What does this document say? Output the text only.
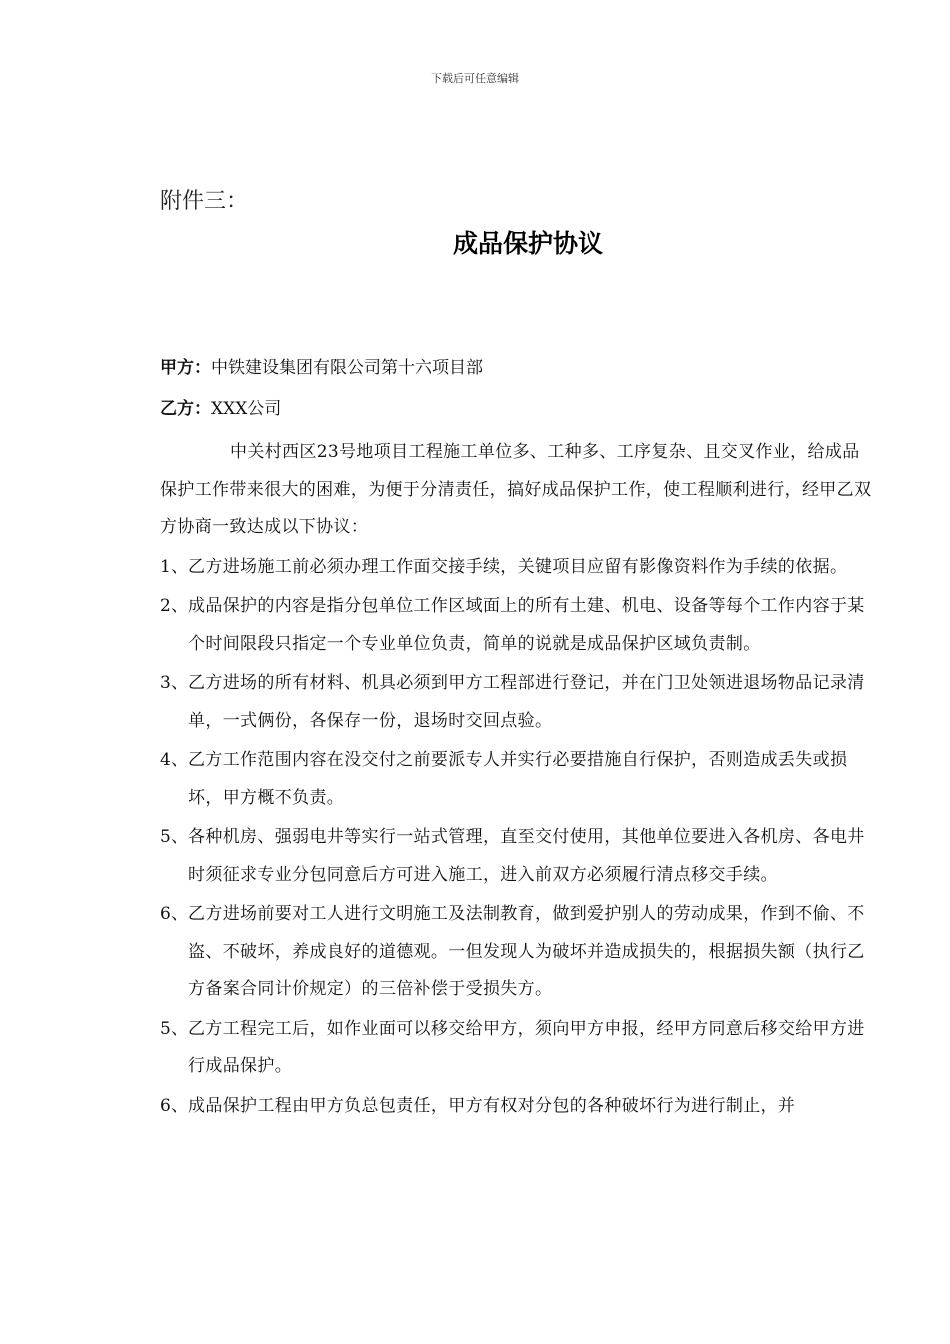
下载后可任意编辑
附件三：
成品保护协议
甲方：中铁建设集团有限公司第十六项目部
乙方：XXX公司

中关村西区23号地项目工程施工单位多、工种多、工序复杂、且交叉作业，给成品保护工作带来很大的困难，为便于分清责任，搞好成品保护工作，使工程顺利进行，经甲乙双方协商一致达成以下协议：

1、 乙方进场施工前必须办理工作面交接手续，关键项目应留有影像资料作为手续的依据。
2、 成品保护的内容是指分包单位工作区域面上的所有土建、机电、设备等每个工作内容于某个时间限段只指定一个专业单位负责，简单的说就是成品保护区域负责制。
3、 乙方进场的所有材料、机具必须到甲方工程部进行登记，并在门卫处领进退场物品记录清单，一式俩份，各保存一份，退场时交回点验。
4、 乙方工作范围内容在没交付之前要派专人并实行必要措施自行保护，否则造成丢失或损坏，甲方概不负责。
5、 各种机房、强弱电井等实行一站式管理，直至交付使用，其他单位要进入各机房、各电井时须征求专业分包同意后方可进入施工，进入前双方必须履行清点移交手续。
6、 乙方进场前要对工人进行文明施工及法制教育，做到爱护别人的劳动成果，作到不偷、不盗、不破坏，养成良好的道德观。一但发现人为破坏并造成损失的，根据损失额（执行乙方备案合同计价规定）的三倍补偿于受损失方。
5、 乙方工程完工后，如作业面可以移交给甲方，须向甲方申报，经甲方同意后移交给甲方进行成品保护。
6、 成品保护工程由甲方负总包责任，甲方有权对分包的各种破坏行为进行制止，并
